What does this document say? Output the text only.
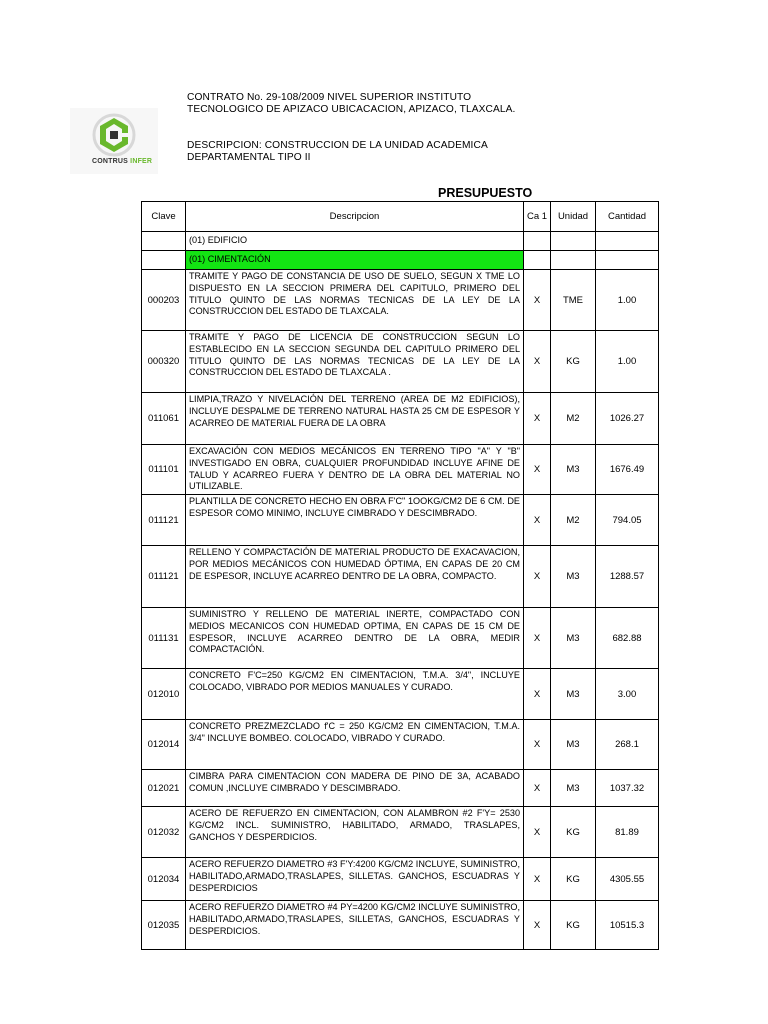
CONTRUS INFER
CONTRATO No. 29-108/2009 NIVEL SUPERIOR INSTITUTO
TECNOLOGICO DE APIZACO UBICACACION, APIZACO, TLAXCALA.
DESCRIPCION: CONSTRUCCION DE LA UNIDAD ACADEMICA
DEPARTAMENTAL TIPO II
PRESUPUESTO
Clave	Descripcion	Ca 1	Unidad	Cantidad
	(01) EDIFICIO			
	(01) CIMENTACIÓN			
000203	TRAMITE Y PAGO DE CONSTANCIA DE USO DE SUELO, SEGUN X TME LO DISPUESTO EN LA SECCION PRIMERA DEL CAPITULO, PRIMERO DEL TITULO QUINTO DE LAS NORMAS TECNICAS DE LA LEY DE LA CONSTRUCCION DEL ESTADO DE TLAXCALA.	X	TME	1.00
000320	TRAMITE Y PAGO DE LICENCIA DE CONSTRUCCION SEGUN LO ESTABLECIDO EN LA SECCION SEGUNDA DEL CAPITULO PRIMERO DEL TITULO QUINTO DE LAS NORMAS TECNICAS DE LA LEY DE LA CONSTRUCCION DEL ESTADO DE TLAXCALA .	X	KG	1.00
011061	LIMPIA,TRAZO Y NIVELACIÓN DEL TERRENO (AREA DE M2 EDIFICIOS), INCLUYE DESPALME DE TERRENO NATURAL HASTA 25 CM DE ESPESOR Y ACARREO DE MATERIAL FUERA DE LA OBRA	X	M2	1026.27
011101	EXCAVACIÓN CON MEDIOS MECÁNICOS EN TERRENO TIPO "A" Y "B" INVESTIGADO EN OBRA, CUALQUIER PROFUNDIDAD INCLUYE AFINE DE TALUD Y ACARREO FUERA Y DENTRO DE LA OBRA DEL MATERIAL NO UTILIZABLE.	X	M3	1676.49
011121	PLANTILLA DE CONCRETO HECHO EN OBRA F'C" 1OOKG/CM2 DE 6 CM. DE ESPESOR COMO MINIMO, INCLUYE CIMBRADO Y DESCIMBRADO.	X	M2	794.05
011121	RELLENO Y COMPACTACIÓN DE MATERIAL PRODUCTO DE EXACAVACION, POR MEDIOS MECÁNICOS CON HUMEDAD ÓPTIMA, EN CAPAS DE 20 CM DE ESPESOR, INCLUYE ACARREO DENTRO DE LA OBRA, COMPACTO.	X	M3	1288.57
011131	SUMINISTRO Y RELLENO DE MATERIAL INERTE, COMPACTADO CON MEDIOS MECANICOS CON HUMEDAD OPTIMA, EN CAPAS DE 15 CM DE ESPESOR, INCLUYE ACARREO DENTRO DE LA OBRA, MEDIR COMPACTACIÓN.	X	M3	682.88
012010	CONCRETO F'C=250 KG/CM2 EN CIMENTACION, T.M.A. 3/4", INCLUYE COLOCADO, VIBRADO POR MEDIOS MANUALES Y CURADO.	X	M3	3.00
012014	CONCRETO PREZMEZCLADO f'C = 250 KG/CM2 EN CIMENTACION, T.M.A. 3/4" INCLUYE BOMBEO. COLOCADO, VIBRADO Y CURADO.	X	M3	268.1
012021	CIMBRA PARA CIMENTACION CON MADERA DE PINO DE 3A, ACABADO COMUN ,INCLUYE CIMBRADO Y DESCIMBRADO.	X	M3	1037.32
012032	ACERO DE REFUERZO EN CIMENTACION, CON ALAMBRON #2 F'Y= 2530 KG/CM2 INCL. SUMINISTRO, HABILITADO, ARMADO, TRASLAPES, GANCHOS Y DESPERDICIOS.	X	KG	81.89
012034	ACERO REFUERZO DIAMETRO #3 F'Y:4200 KG/CM2 INCLUYE, SUMINISTRO, HABILITADO,ARMADO,TRASLAPES, SILLETAS. GANCHOS, ESCUADRAS Y DESPERDICIOS	X	KG	4305.55
012035	ACERO REFUERZO DIAMETRO #4 PY=4200 KG/CM2 INCLUYE SUMINISTRO, HABILITADO,ARMADO,TRASLAPES, SILLETAS, GANCHOS, ESCUADRAS Y DESPERDICIOS.	X	KG	10515.3
